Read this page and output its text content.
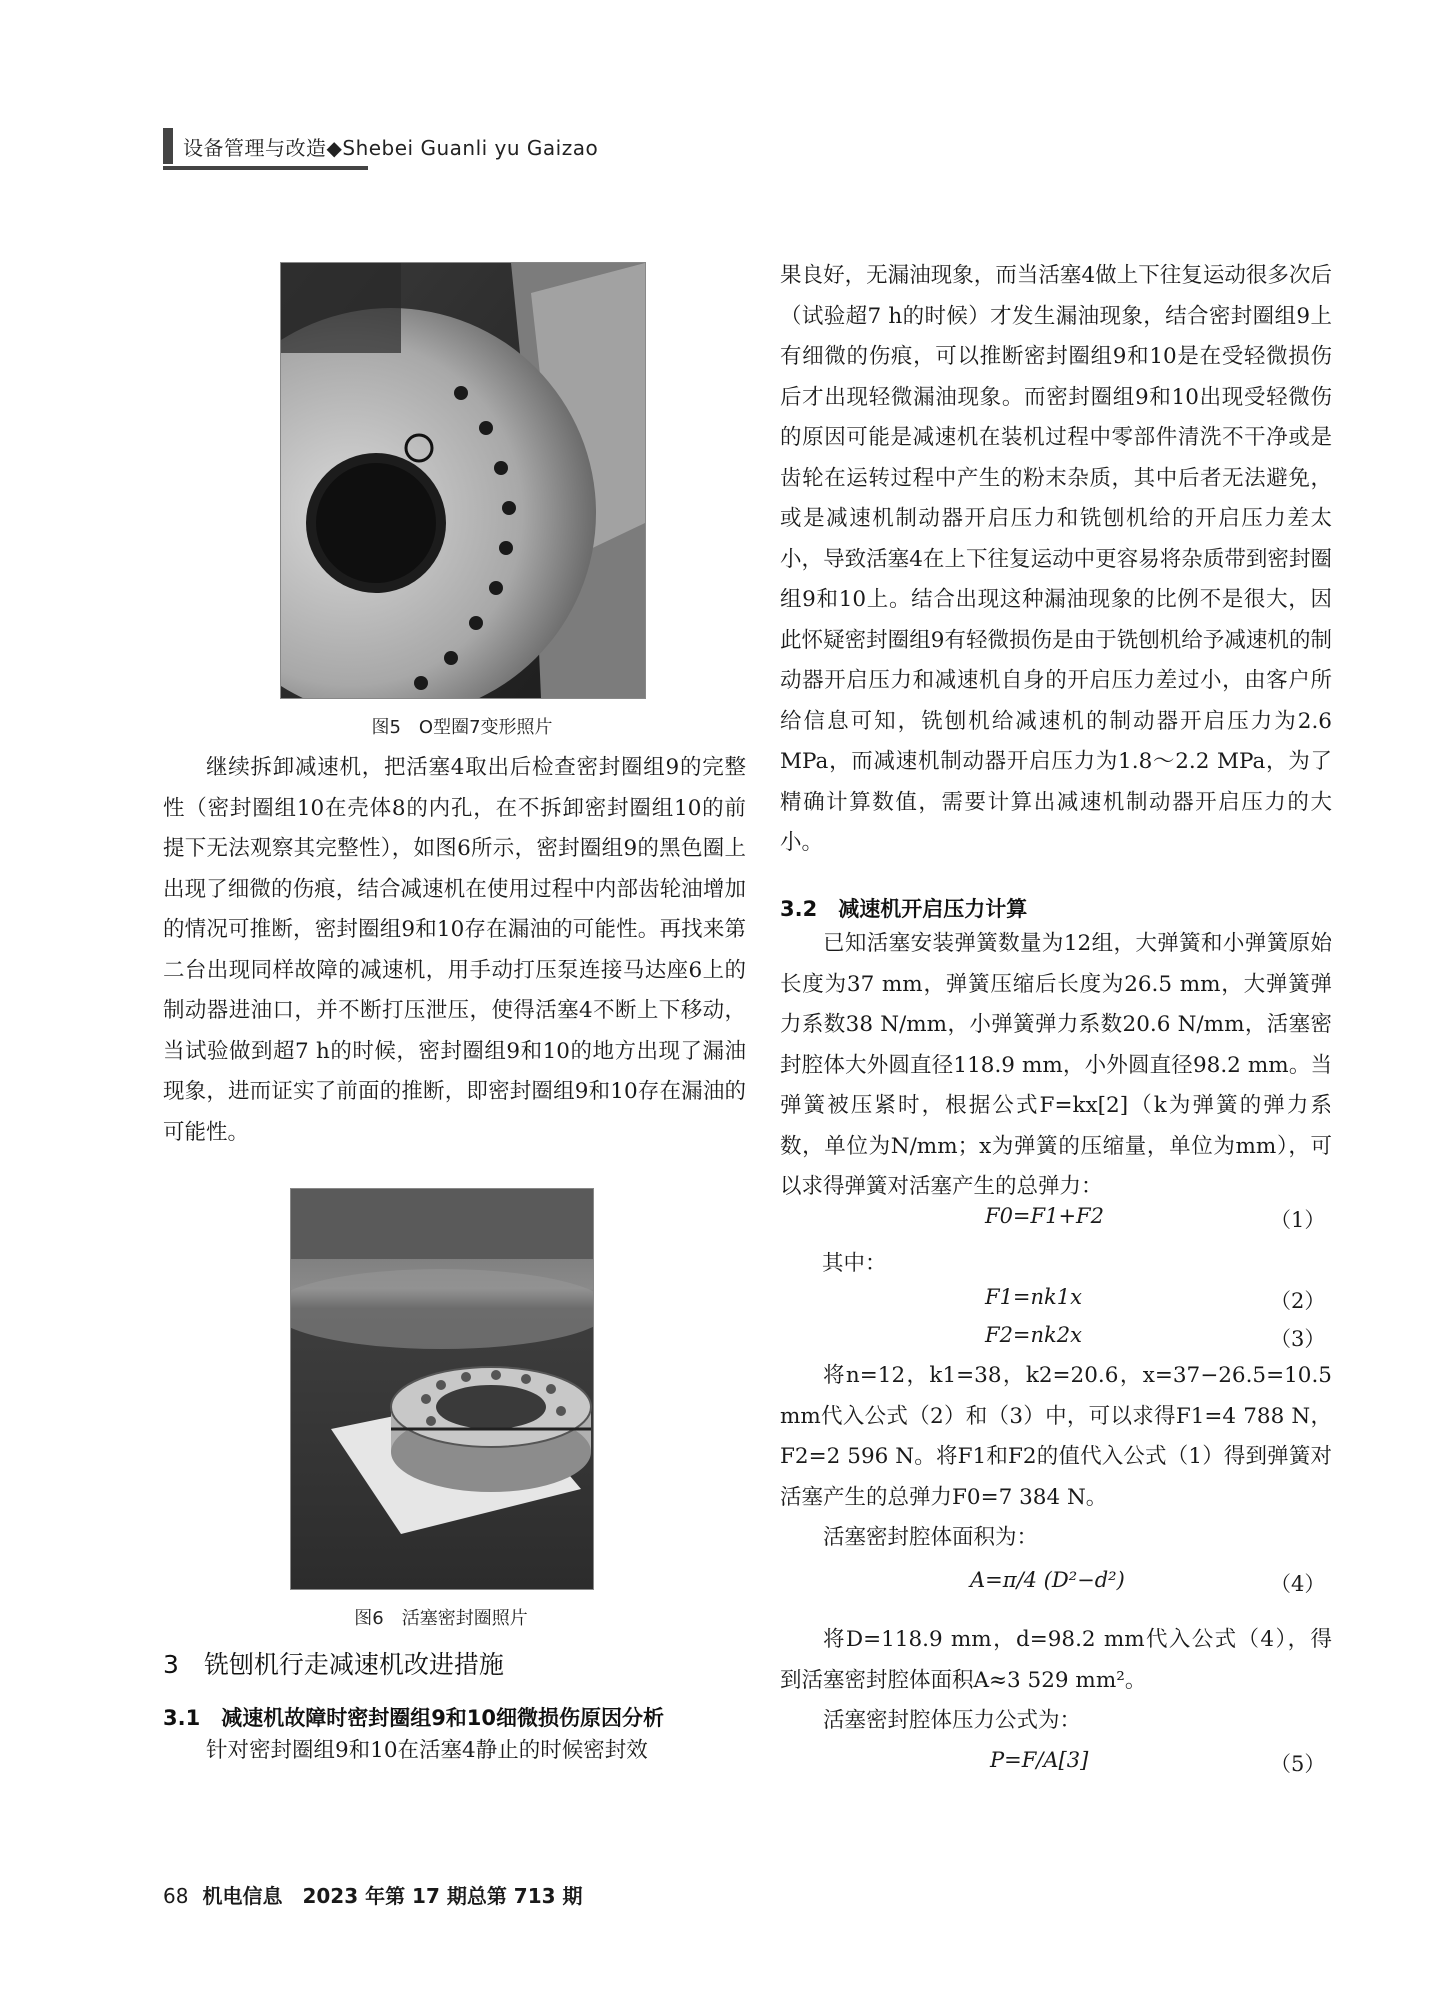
设备管理与改造◆Shebei Guanli yu Gaizao
图5　O型圈7变形照片

继续拆卸减速机，把活塞4取出后检查密封圈组9的完整性（密封圈组10在壳体8的内孔，在不拆卸密封圈组10的前提下无法观察其完整性），如图6所示，密封圈组9的黑色圈上出现了细微的伤痕，结合减速机在使用过程中内部齿轮油增加的情况可推断，密封圈组9和10存在漏油的可能性。再找来第二台出现同样故障的减速机，用手动打压泵连接马达座6上的制动器进油口，并不断打压泄压，使得活塞4不断上下移动，当试验做到超7 h的时候，密封圈组9和10的地方出现了漏油现象，进而证实了前面的推断，即密封圈组9和10存在漏油的可能性。

图6　活塞密封圈照片
3　铣刨机行走减速机改进措施
3.1　减速机故障时密封圈组9和10细微损伤原因分析

针对密封圈组9和10在活塞4静止的时候密封效

果良好，无漏油现象，而当活塞4做上下往复运动很多次后（试验超7 h的时候）才发生漏油现象，结合密封圈组9上有细微的伤痕，可以推断密封圈组9和10是在受轻微损伤后才出现轻微漏油现象。而密封圈组9和10出现受轻微伤的原因可能是减速机在装机过程中零部件清洗不干净或是齿轮在运转过程中产生的粉末杂质，其中后者无法避免，或是减速机制动器开启压力和铣刨机给的开启压力差太小，导致活塞4在上下往复运动中更容易将杂质带到密封圈组9和10上。结合出现这种漏油现象的比例不是很大，因此怀疑密封圈组9有轻微损伤是由于铣刨机给予减速机的制动器开启压力和减速机自身的开启压力差过小，由客户所给信息可知，铣刨机给减速机的制动器开启压力为2.6 MPa，而减速机制动器开启压力为1.8～2.2 MPa，为了精确计算数值，需要计算出减速机制动器开启压力的大小。

3.2　减速机开启压力计算

已知活塞安装弹簧数量为12组，大弹簧和小弹簧原始长度为37 mm，弹簧压缩后长度为26.5 mm，大弹簧弹力系数38 N/mm，小弹簧弹力系数20.6 N/mm，活塞密封腔体大外圆直径118.9 mm，小外圆直径98.2 mm。当弹簧被压紧时，根据公式F=kx[2]（k为弹簧的弹力系数，单位为N/mm；x为弹簧的压缩量，单位为mm），可以求得弹簧对活塞产生的总弹力：

F0=F1+F2	（1）
其中：
F1=nk1x	（2）
F2=nk2x	（3）

将n=12，k1=38，k2=20.6，x=37−26.5=10.5 mm代入公式（2）和（3）中，可以求得F1=4 788 N，F2=2 596 N。将F1和F2的值代入公式（1）得到弹簧对活塞产生的总弹力F0=7 384 N。

活塞密封腔体面积为：

A=π/4 (D²−d²)	（4）

将D=118.9 mm，d=98.2 mm代入公式（4），得到活塞密封腔体面积A≈3 529 mm²。

活塞密封腔体压力公式为：

P=F/A[3]	（5）
68 机电信息　2023 年第 17 期总第 713 期
